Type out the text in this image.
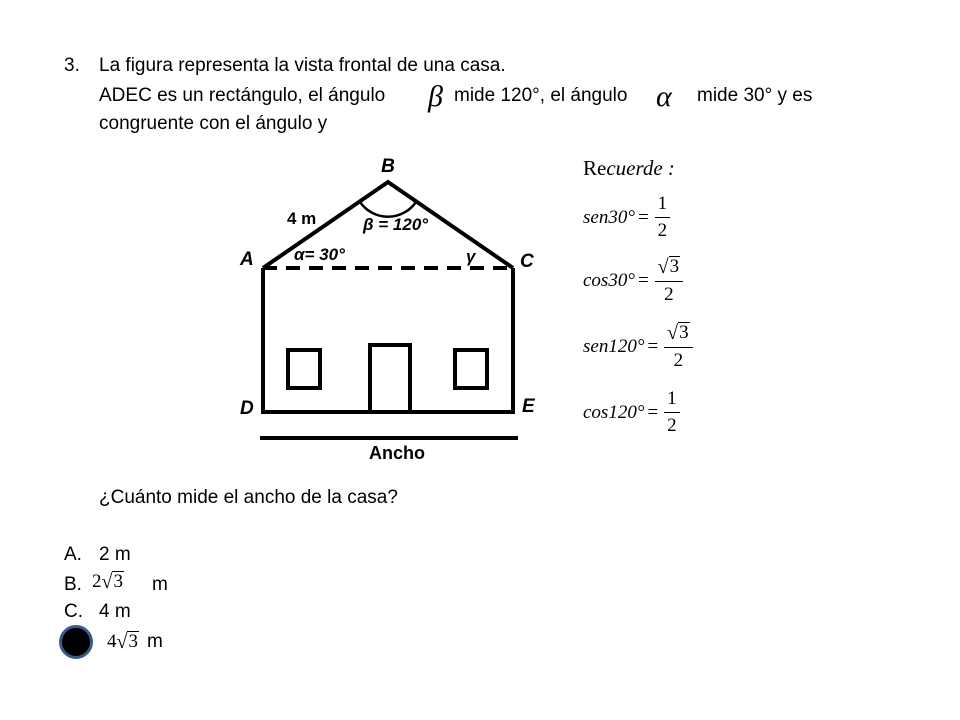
3. La figura representa la vista frontal de una casa.
ADEC es un rectángulo, el ángulo β mide 120°, el ángulo α mide 30° y es
congruente con el ángulo y
B
A	C
D	E
4 m	β = 120°
α= 30°	γ
Ancho
Re cuerde :
$sen30^\circ = \frac{1}{2}$
$\cos 30^\circ = \frac{√ 3}{2}$
$sen120^\circ = \frac{√ 3}{2}$
$\cos 120^\circ = \frac{1}{2}$
¿Cuánto mide el ancho de la casa?
A. 2 m
B. 2 √ 3 m
C. 4 m
4 √ 3 m
